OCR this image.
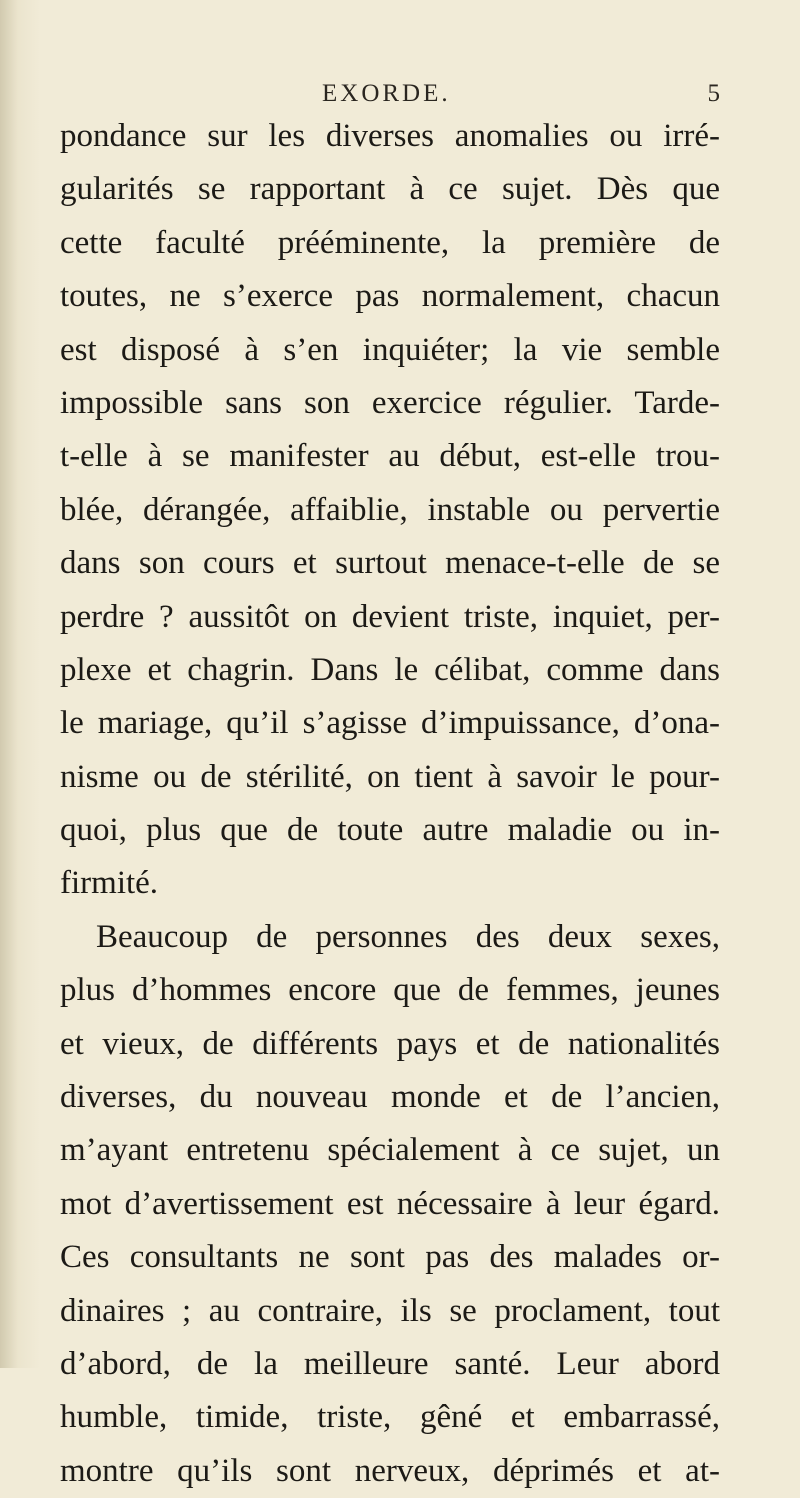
EXORDE.	5
pondance sur les diverses anomalies ou irré-
gularités se rapportant à ce sujet. Dès que
cette faculté prééminente, la première de
toutes, ne s’exerce pas normalement, chacun
est disposé à s’en inquiéter; la vie semble
impossible sans son exercice régulier. Tarde-
t-elle à se manifester au début, est-elle trou-
blée, dérangée, affaiblie, instable ou pervertie
dans son cours et surtout menace-t-elle de se
perdre ? aussitôt on devient triste, inquiet, per-
plexe et chagrin. Dans le célibat, comme dans
le mariage, qu’il s’agisse d’impuissance, d’ona-
nisme ou de stérilité, on tient à savoir le pour-
quoi, plus que de toute autre maladie ou in-
firmité.
Beaucoup de personnes des deux sexes,
plus d’hommes encore que de femmes, jeunes
et vieux, de différents pays et de nationalités
diverses, du nouveau monde et de l’ancien,
m’ayant entretenu spécialement à ce sujet, un
mot d’avertissement est nécessaire à leur égard.
Ces consultants ne sont pas des malades or-
dinaires ; au contraire, ils se proclament, tout
d’abord, de la meilleure santé. Leur abord
humble, timide, triste, gêné et embarrassé,
montre qu’ils sont nerveux, déprimés et at-
